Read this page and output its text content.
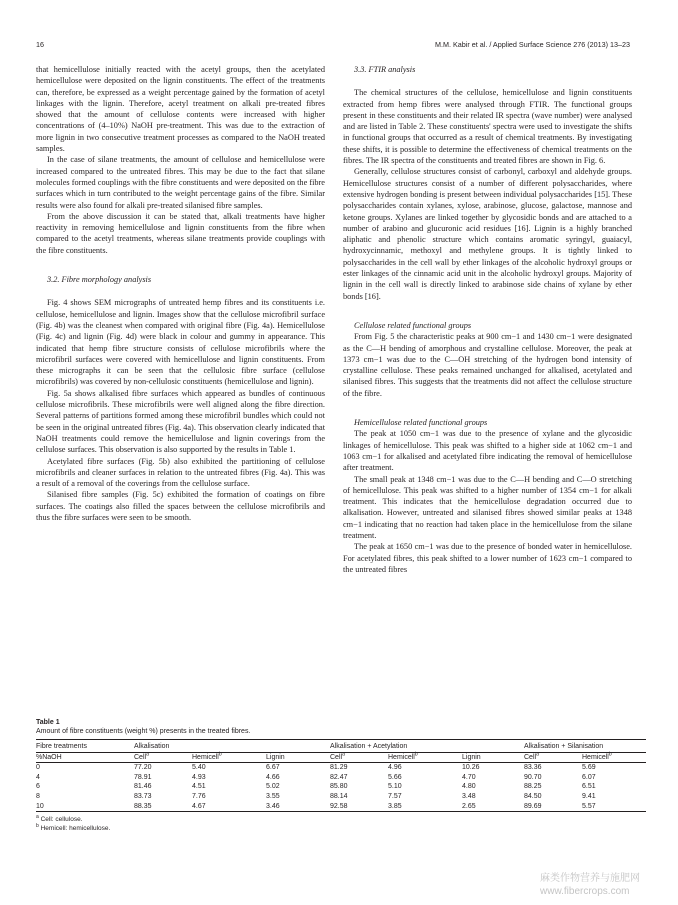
16	M.M. Kabir et al. / Applied Surface Science 276 (2013) 13–23

that hemicellulose initially reacted with the acetyl groups, then the acetylated hemicellulose were deposited on the lignin constituents. The effect of the treatments can, therefore, be expressed as a weight percentage gained by the formation of acetyl linkages with the lignin. Therefore, acetyl treatment on alkali pre-treated fibres showed that the amount of cellulose contents were increased with higher concentrations of (4–10%) NaOH pre-treatment. This was due to the extraction of more lignin in two consecutive treatment processes as compared to the NaOH treated samples.

In the case of silane treatments, the amount of cellulose and hemicellulose were increased compared to the untreated fibres. This may be due to the fact that silane molecules formed couplings with the fibre constituents and were deposited on the fibre surfaces which in turn contributed to the weight percentage gains of the fibre. Similar results were also found for alkali pre-treated silanised fibre samples.

From the above discussion it can be stated that, alkali treatments have higher reactivity in removing hemicellulose and lignin constituents from the fibre when compared to the acetyl treatments, whereas silane treatments provide couplings with the fibre constituents.

3.2. Fibre morphology analysis

Fig. 4 shows SEM micrographs of untreated hemp fibres and its constituents i.e. cellulose, hemicellulose and lignin. Images show that the cellulose microfibril surface (Fig. 4b) was the cleanest when compared with original fibre (Fig. 4a). Hemicellulose (Fig. 4c) and lignin (Fig. 4d) were black in colour and gummy in appearance. This indicated that hemp fibre structure consists of cellulose microfibrils where the microfibril surfaces were covered with hemicellulose and lignin constituents. From these micrographs it can be seen that the cellulosic fibre surface (cellulose microfibrils) was covered by non-cellulosic constituents (hemicellulose and lignin).

Fig. 5a shows alkalised fibre surfaces which appeared as bundles of continuous cellulose microfibrils. These microfibrils were well aligned along the fibre direction. Several patterns of partitions formed among these microfibril bundles which could not be seen in the original untreated fibres (Fig. 4a). This observation clearly indicated that NaOH treatments could remove the hemicellulose and lignin coverings from the cellulose surfaces. This observation is also supported by the results in Table 1.

Acetylated fibre surfaces (Fig. 5b) also exhibited the partitioning of cellulose microfibrils and cleaner surfaces in relation to the untreated fibres (Fig. 4a). This was a result of a removal of the coverings from the cellulose surface.

Silanised fibre samples (Fig. 5c) exhibited the formation of coatings on fibre surfaces. The coatings also filled the spaces between the cellulose microfibrils and thus the fibre surfaces were seen to be smooth.

3.3. FTIR analysis

The chemical structures of the cellulose, hemicellulose and lignin constituents extracted from hemp fibres were analysed through FTIR. The functional groups present in these constituents and their related IR spectra (wave number) were analysed and are listed in Table 2. These constituents' spectra were used to investigate the shifts in functional groups that occurred as a result of chemical treatments. By investigating these shifts, it is possible to determine the effectiveness of chemical treatments on the fibres. The IR spectra of the constituents and treated fibres are shown in Fig. 6.

Generally, cellulose structures consist of carbonyl, carboxyl and aldehyde groups. Hemicellulose structures consist of a number of different polysaccharides, where extensive hydrogen bonding is present between individual polysaccharides [15]. These polysaccharides contain xylanes, xylose, arabinose, glucose, galactose, mannose and ketone groups. Xylanes are linked together by glycosidic bonds and are attached to a number of arabino and glucuronic acid residues [16]. Lignin is a highly branched aliphatic and phenolic structure which contains aromatic syringyl, guaiacyl, hydroxycinnamic, methoxyl and methylene groups. It is tightly linked to polysaccharides in the cell wall by ether linkages of the alcoholic hydroxyl groups or ester linkages of the cinnamic acid unit in the alcoholic hydroxyl groups. Majority of lignin in the cell wall is directly linked to arabinose side chains of xylane by ether bonds [16].

Cellulose related functional groups

From Fig. 5 the characteristic peaks at 900 cm−1 and 1430 cm−1 were designated as the C—H bending of amorphous and crystalline cellulose. Moreover, the peak at 1373 cm−1 was due to the C—OH stretching of the hydrogen bond intensity of crystalline cellulose. These peaks remained unchanged for alkalised, acetylated and silanised fibres. This suggests that the treatments did not affect the cellulose structure of the fibre.

Hemicellulose related functional groups

The peak at 1050 cm−1 was due to the presence of xylane and the glycosidic linkages of hemicellulose. This peak was shifted to a higher side at 1062 cm−1 and 1063 cm−1 for alkalised and acetylated fibre indicating the removal of hemicellulose after treatment.

The small peak at 1348 cm−1 was due to the C—H bending and C—O stretching of hemicellulose. This peak was shifted to a higher number of 1354 cm−1 for alkali treatment. This indicates that the hemicellulose degradation occurred due to alkalisation. However, untreated and silanised fibres showed similar peaks at 1348 cm−1 indicating that no reaction had taken place in the hemicellulose from the silane treatment.

The peak at 1650 cm−1 was due to the presence of bonded water in hemicellulose. For acetylated fibres, this peak shifted to a lower number of 1623 cm−1 compared to the untreated fibres

Table 1

Amount of fibre constituents (weight %) presents in the treated fibres.

Fibre treatments	Alkalisation			Alkalisation + Acetylation			Alkalisation + Silanisation	
%NaOH	Cell$^a$	Hemicell$^b$	Lignin	Cell$^a$	Hemicell$^b$	Lignin	Cell$^a$	Hemicell$^b$
0	77.20	5.40	6.67	81.29	4.96	10.26	83.36	5.69
4	78.91	4.93	4.66	82.47	5.66	4.70	90.70	6.07
6	81.46	4.51	5.02	85.80	5.10	4.80	88.25	6.51
8	83.73	7.76	3.55	88.14	7.57	3.48	84.50	9.41
10	88.35	4.67	3.46	92.58	3.85	2.65	89.69	5.57
$^a$ Cell: cellulose.
$^b$ Hemicell: hemicellulose.
麻类作物营养与施肥网
www.fibercrops.com
